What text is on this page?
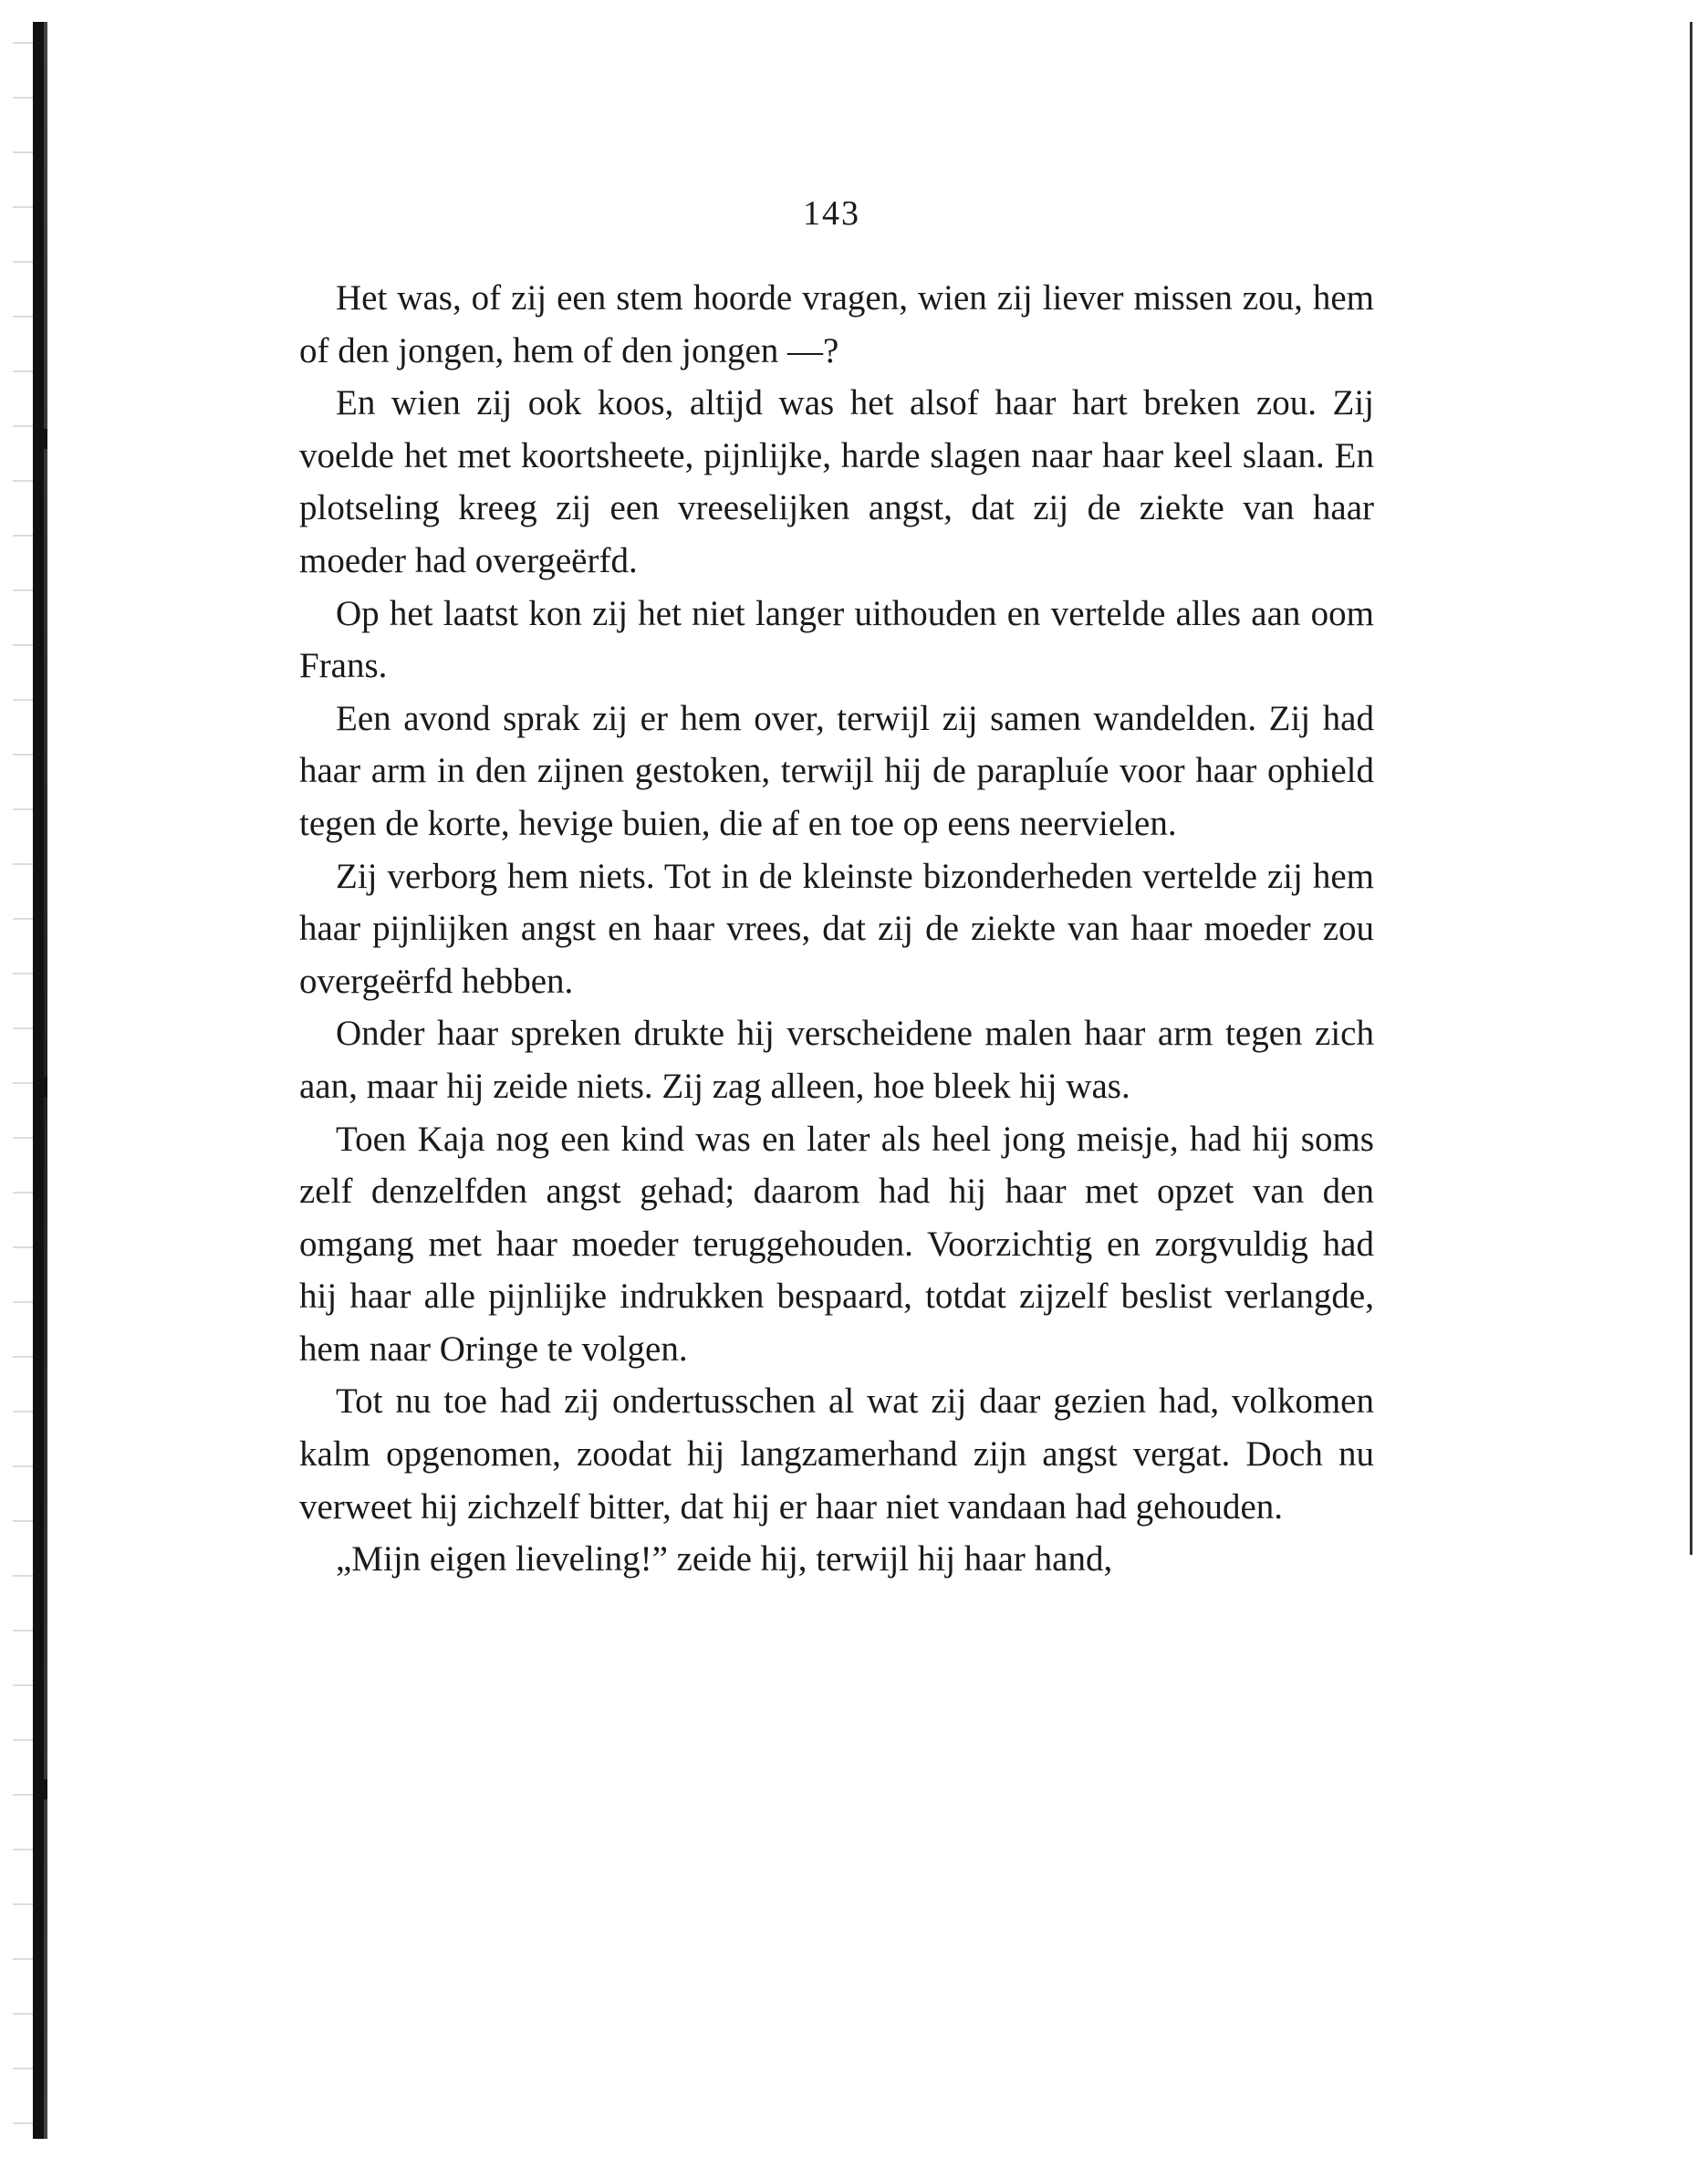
143

Het was, of zij een stem hoorde vragen, wien zij liever missen zou, hem of den jongen, hem of den jongen —?

En wien zij ook koos, altijd was het alsof haar hart breken zou. Zij voelde het met koortsheete, pijnlijke, harde slagen naar haar keel slaan. En plotseling kreeg zij een vreeselijken angst, dat zij de ziekte van haar moeder had overgeërfd.

Op het laatst kon zij het niet langer uithouden en vertelde alles aan oom Frans.

Een avond sprak zij er hem over, terwijl zij samen wandelden. Zij had haar arm in den zijnen gestoken, terwijl hij de parapluíe voor haar ophield tegen de korte, hevige buien, die af en toe op eens neervielen.

Zij verborg hem niets. Tot in de kleinste bizonderheden vertelde zij hem haar pijnlijken angst en haar vrees, dat zij de ziekte van haar moeder zou overgeërfd hebben.

Onder haar spreken drukte hij verscheidene malen haar arm tegen zich aan, maar hij zeide niets. Zij zag alleen, hoe bleek hij was.

Toen Kaja nog een kind was en later als heel jong meisje, had hij soms zelf denzelfden angst gehad; daarom had hij haar met opzet van den omgang met haar moeder teruggehouden. Voorzichtig en zorgvuldig had hij haar alle pijnlijke indrukken bespaard, totdat zijzelf beslist verlangde, hem naar Oringe te volgen.

Tot nu toe had zij ondertusschen al wat zij daar gezien had, volkomen kalm opgenomen, zoodat hij langzamerhand zijn angst vergat. Doch nu verweet hij zichzelf bitter, dat hij er haar niet vandaan had gehouden.

„Mijn eigen lieveling!” zeide hij, terwijl hij haar hand,
